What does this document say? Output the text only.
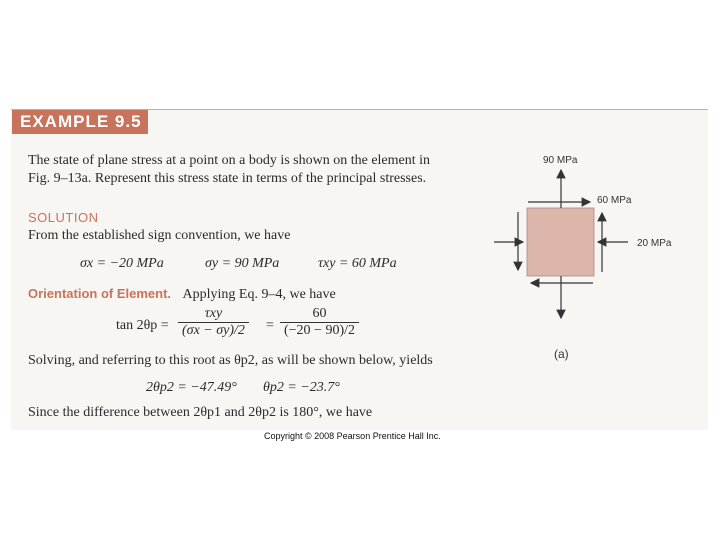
EXAMPLE 9.5
The state of plane stress at a point on a body is shown on the element in
Fig. 9–13a. Represent this stress state in terms of the principal stresses.
SOLUTION
From the established sign convention, we have
σx = −20 MPa	σy = 90 MPa	τxy = 60 MPa
Orientation of Element. Applying Eq. 9–4, we have
tan 2θp =
τxy
(σx − σy)/2 =
60
(−20 − 90)/2
Solving, and referring to this root as θp2, as will be shown below, yields
2θp2 = −47.49° θp2 = −23.7°
Since the difference between 2θp1 and 2θp2 is 180°, we have
90 MPa
60 MPa
20 MPa
(a)
Copyright © 2008 Pearson Prentice Hall Inc.
